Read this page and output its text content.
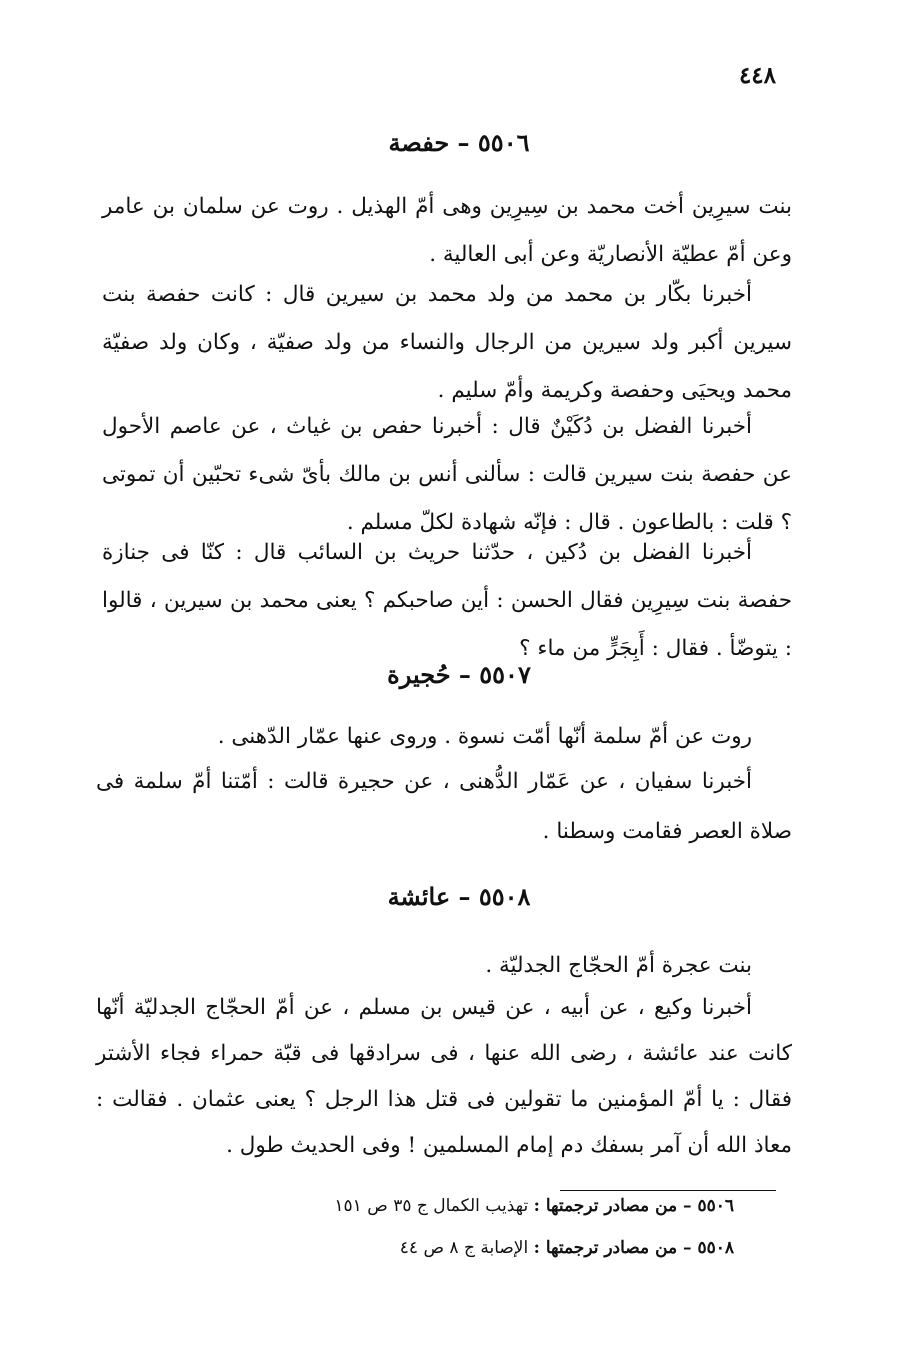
٤٤٨
٥٥٠٦ – حفصة
بنت سيرِين أخت محمد بن سِيرِين وهى أمّ الهذيل . روت عن سلمان بن عامر وعن أمّ عطيّة الأنصاريّة وعن أبى العالية .
أخبرنا بكّار بن محمد من ولد محمد بن سيرين قال : كانت حفصة بنت سيرين أكبر ولد سيرين من الرجال والنساء من ولد صفيّة ، وكان ولد صفيّة محمد ويحيَى وحفصة وكريمة وأمّ سليم .
أخبرنا الفضل بن دُكَيْنٌ قال : أخبرنا حفص بن غياث ، عن عاصم الأحول عن حفصة بنت سيرين قالت : سألنى أنس بن مالك بأىّ شىء تحبّين أن تموتى ؟ قلت : بالطاعون . قال : فإنّه شهادة لكلّ مسلم .
أخبرنا الفضل بن دُكين ، حدّثنا حريث بن السائب قال : كنّا فى جنازة حفصة بنت سِيرِين فقال الحسن : أين صاحبكم ؟ يعنى محمد بن سيرين ، قالوا : يتوضّأ . فقال : أَبِجَرٍّ من ماء ؟
٥٥٠٧ – حُجيرة
روت عن أمّ سلمة أنّها أمّت نسوة . وروى عنها عمّار الدّهنى .
أخبرنا سفيان ، عن عَمّار الدُّهنى ، عن حجيرة قالت : أمّتنا أمّ سلمة فى صلاة العصر فقامت وسطنا .
٥٥٠٨ – عائشة
بنت عجرة أمّ الحجّاج الجدليّة .
أخبرنا وكيع ، عن أبيه ، عن قيس بن مسلم ، عن أمّ الحجّاج الجدليّة أنّها كانت عند عائشة ، رضى الله عنها ، فى سرادقها فى قبّة حمراء فجاء الأشتر فقال : يا أمّ المؤمنين ما تقولين فى قتل هذا الرجل ؟ يعنى عثمان . فقالت : معاذ الله أن آمر بسفك دم إمام المسلمين ! وفى الحديث طول .
٥٥٠٦ – من مصادر ترجمتها : تهذيب الكمال ج ٣٥ ص ١٥١
٥٥٠٨ – من مصادر ترجمتها : الإصابة ج ٨ ص ٤٤
